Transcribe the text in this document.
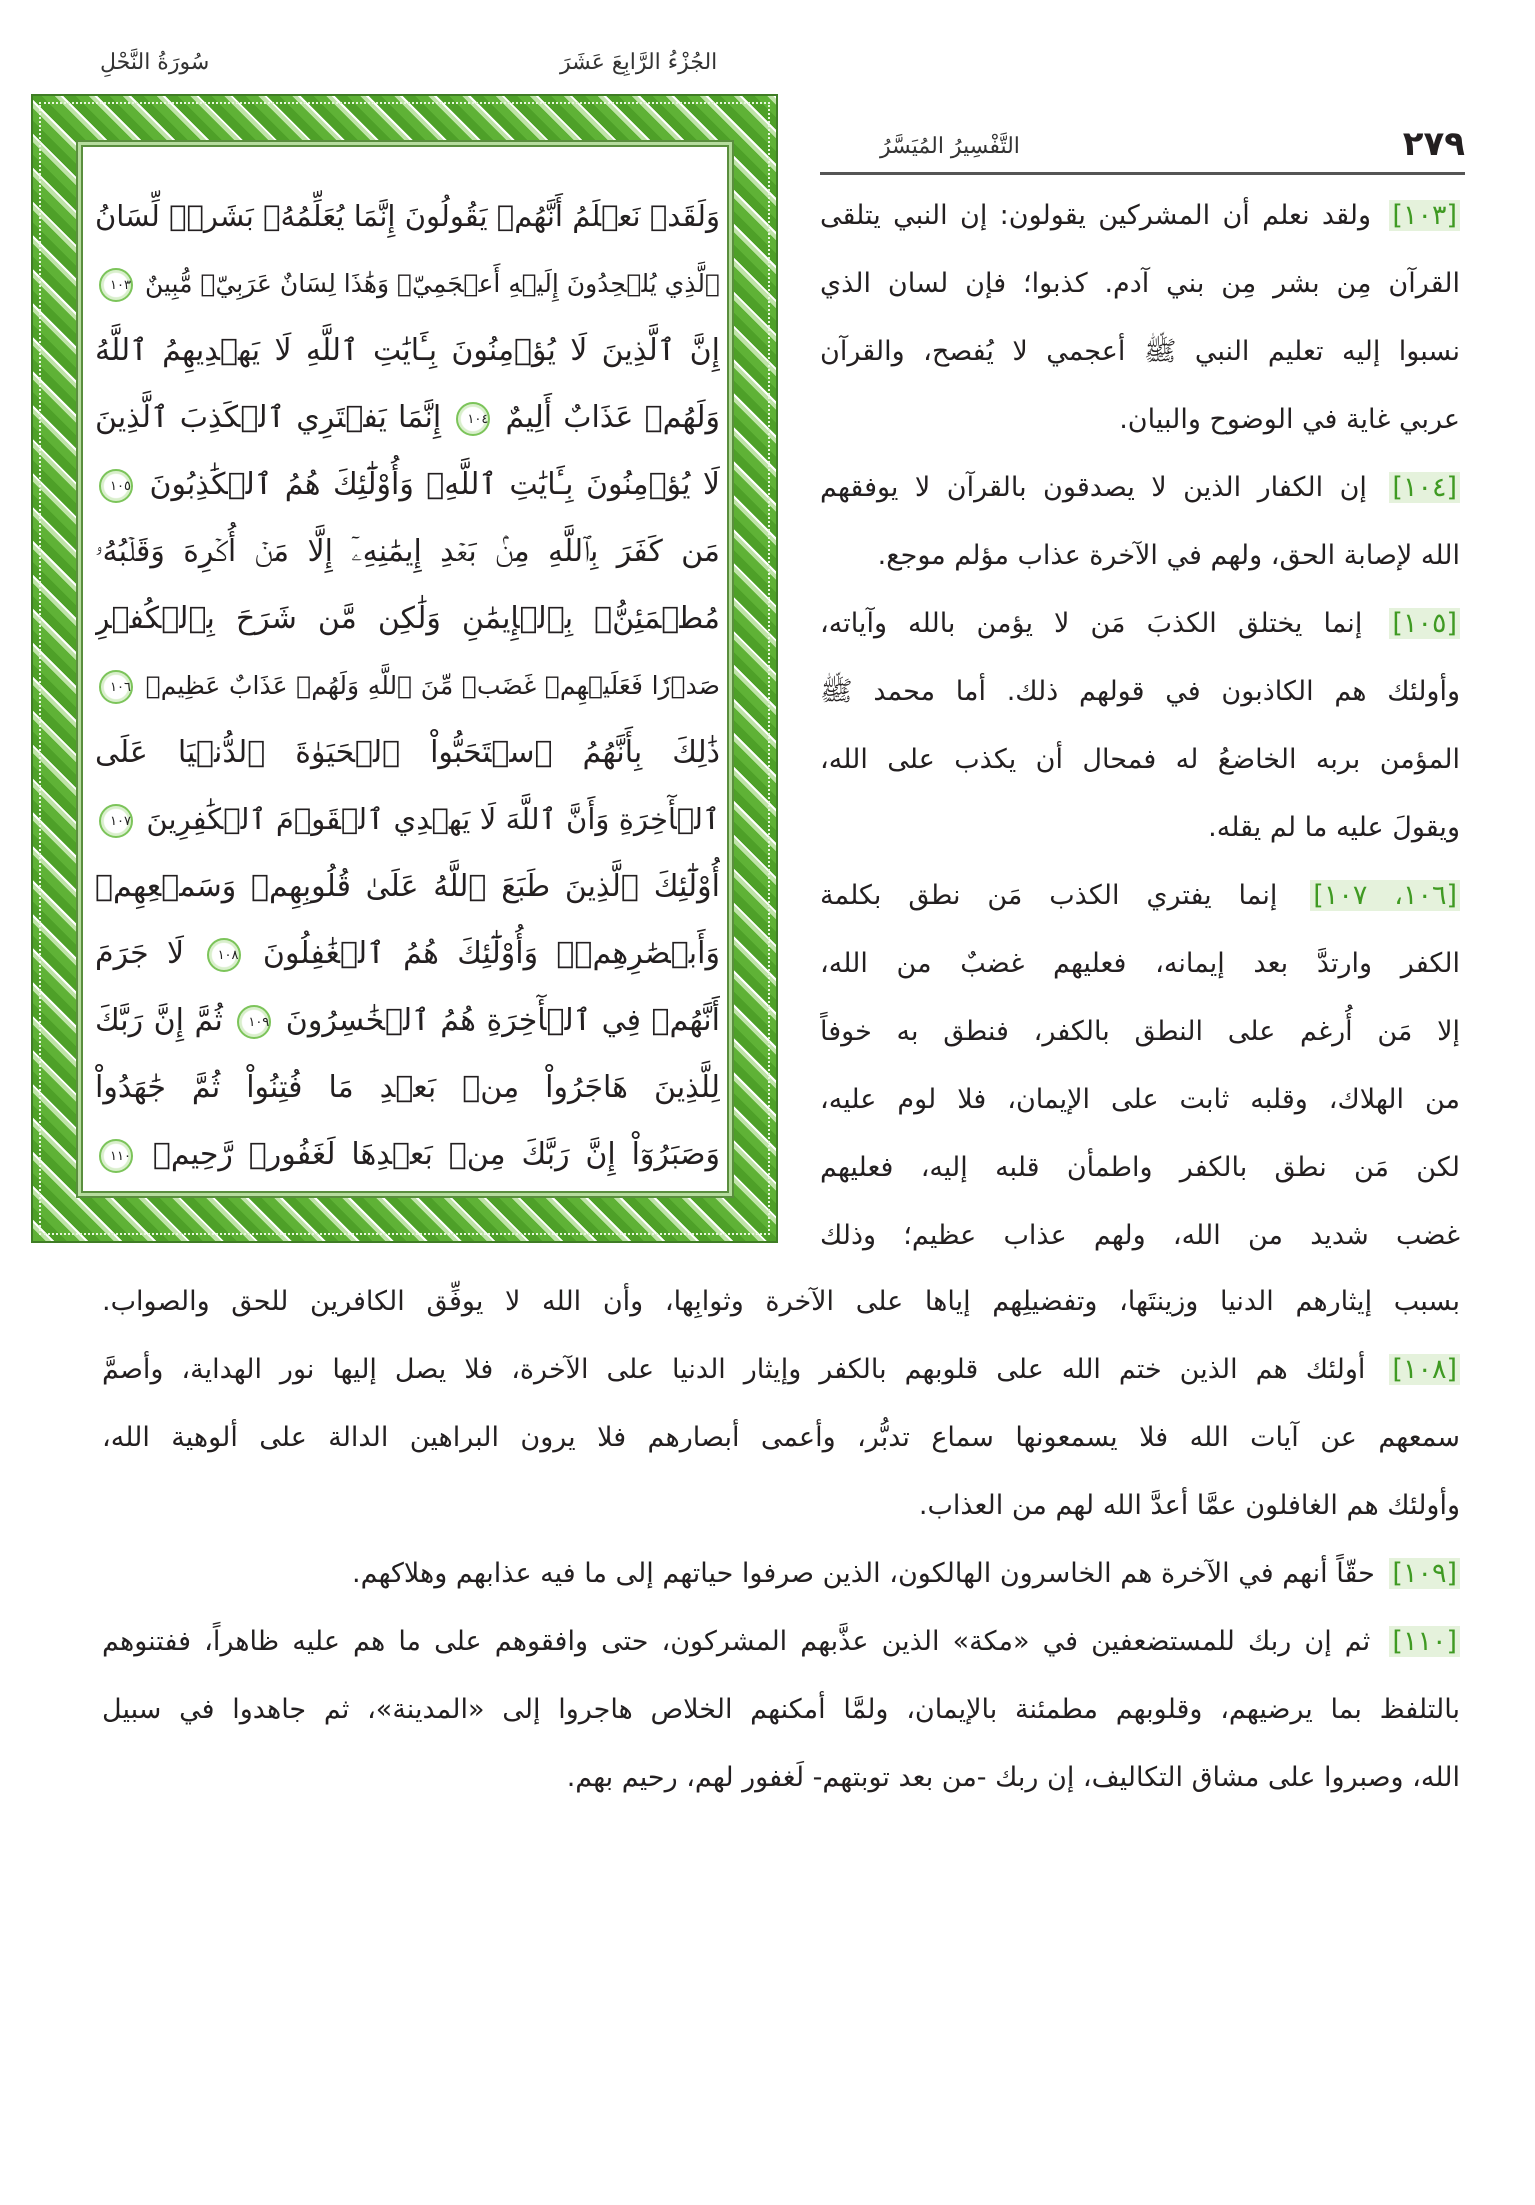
سُورَةُ النَّحْلِ	الجُزْءُ الرَّابِعَ عَشَرَ
وَلَقَدۡ نَعۡلَمُ أَنَّهُمۡ يَقُولُونَ إِنَّمَا يُعَلِّمُهُۥ بَشَرٞۗ لِّسَانُ
ٱلَّذِي يُلۡحِدُونَ إِلَيۡهِ أَعۡجَمِيّٞ وَهَٰذَا لِسَانٌ عَرَبِيّٞ مُّبِينٌ ١٠٣
إِنَّ ٱلَّذِينَ لَا يُؤۡمِنُونَ بِـَٔايَٰتِ ٱللَّهِ لَا يَهۡدِيهِمُ ٱللَّهُ
وَلَهُمۡ عَذَابٌ أَلِيمٌ ١٠٤ إِنَّمَا يَفۡتَرِي ٱلۡكَذِبَ ٱلَّذِينَ
لَا يُؤۡمِنُونَ بِـَٔايَٰتِ ٱللَّهِۖ وَأُوْلَٰٓئِكَ هُمُ ٱلۡكَٰذِبُونَ ١٠٥
مَن كَفَرَ بِٱللَّهِ مِنۢ بَعۡدِ إِيمَٰنِهِۦٓ إِلَّا مَنۡ أُكۡرِهَ وَقَلۡبُهُۥ
مُطۡمَئِنُّۢ بِٱلۡإِيمَٰنِ وَلَٰكِن مَّن شَرَحَ بِٱلۡكُفۡرِ
صَدۡرٗا فَعَلَيۡهِمۡ غَضَبٞ مِّنَ ٱللَّهِ وَلَهُمۡ عَذَابٌ عَظِيمٞ ١٠٦
ذَٰلِكَ بِأَنَّهُمُ ٱسۡتَحَبُّواْ ٱلۡحَيَوٰةَ ٱلدُّنۡيَا عَلَى
ٱلۡأٓخِرَةِ وَأَنَّ ٱللَّهَ لَا يَهۡدِي ٱلۡقَوۡمَ ٱلۡكَٰفِرِينَ ١٠٧
أُوْلَٰٓئِكَ ٱلَّذِينَ طَبَعَ ٱللَّهُ عَلَىٰ قُلُوبِهِمۡ وَسَمۡعِهِمۡ
وَأَبۡصَٰرِهِمۡۖ وَأُوْلَٰٓئِكَ هُمُ ٱلۡغَٰفِلُونَ ١٠٨ لَا جَرَمَ
أَنَّهُمۡ فِي ٱلۡأٓخِرَةِ هُمُ ٱلۡخَٰسِرُونَ ١٠٩ ثُمَّ إِنَّ رَبَّكَ
لِلَّذِينَ هَاجَرُواْ مِنۢ بَعۡدِ مَا فُتِنُواْ ثُمَّ جَٰهَدُواْ
وَصَبَرُوٓاْ إِنَّ رَبَّكَ مِنۢ بَعۡدِهَا لَغَفُورٞ رَّحِيمٞ ١١٠
٢٧٩
التَّفْسِيرُ المُيَسَّرُ
[١٠٣] ولقد نعلم أن المشركين يقولون: إن النبي يتلقى
القرآن مِن بشر مِن بني آدم. كذبوا؛ فإن لسان الذي
نسبوا إليه تعليم النبي ﷺ أعجمي لا يُفصح، والقرآن
عربي غاية في الوضوح والبيان.
[١٠٤] إن الكفار الذين لا يصدقون بالقرآن لا يوفقهم
الله لإصابة الحق، ولهم في الآخرة عذاب مؤلم موجع.
[١٠٥] إنما يختلق الكذبَ مَن لا يؤمن بالله وآياته،
وأولئك هم الكاذبون في قولهم ذلك. أما محمد ﷺ
المؤمن بربه الخاضعُ له فمحال أن يكذب على الله،
ويقولَ عليه ما لم يقله.
[١٠٦، ١٠٧] إنما يفتري الكذب مَن نطق بكلمة
الكفر وارتدَّ بعد إيمانه، فعليهم غضبٌ من الله،
إلا مَن أُرغم على النطق بالكفر، فنطق به خوفاً
من الهلاك، وقلبه ثابت على الإيمان، فلا لوم عليه،
لكن مَن نطق بالكفر واطمأن قلبه إليه، فعليهم
غضب شديد من الله، ولهم عذاب عظيم؛ وذلك
بسبب إيثارهم الدنيا وزينتَها، وتفضيلِهم إياها على الآخرة وثوابِها، وأن الله لا يوفِّق الكافرين للحق والصواب.
[١٠٨] أولئك هم الذين ختم الله على قلوبهم بالكفر وإيثار الدنيا على الآخرة، فلا يصل إليها نور الهداية، وأصمَّ
سمعهم عن آيات الله فلا يسمعونها سماع تدبُّر، وأعمى أبصارهم فلا يرون البراهين الدالة على ألوهية الله،
وأولئك هم الغافلون عمَّا أعدَّ الله لهم من العذاب.
[١٠٩] حقّاً أنهم في الآخرة هم الخاسرون الهالكون، الذين صرفوا حياتهم إلى ما فيه عذابهم وهلاكهم.
[١١٠] ثم إن ربك للمستضعفين في «مكة» الذين عذَّبهم المشركون، حتى وافقوهم على ما هم عليه ظاهراً، ففتنوهم
بالتلفظ بما يرضيهم، وقلوبهم مطمئنة بالإيمان، ولمَّا أمكنهم الخلاص هاجروا إلى «المدينة»، ثم جاهدوا في سبيل
الله، وصبروا على مشاق التكاليف، إن ربك -من بعد توبتهم- لَغفور لهم، رحيم بهم.
